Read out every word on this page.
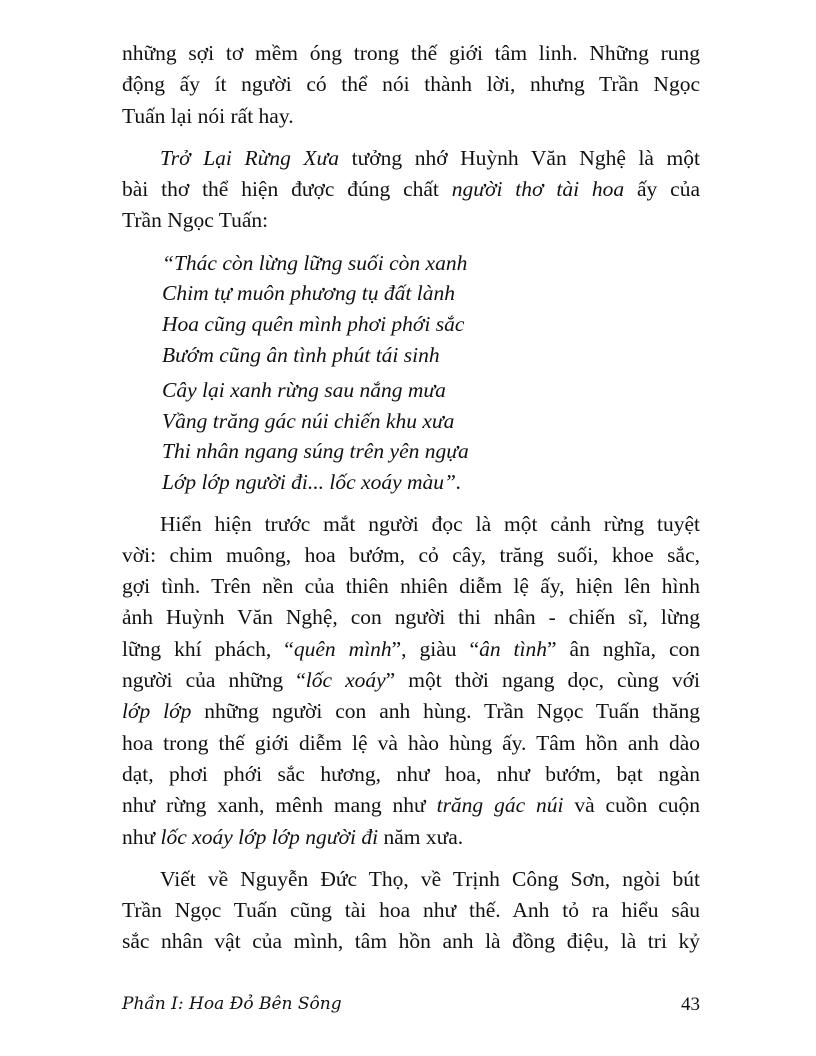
những sợi tơ mềm óng trong thế giới tâm linh. Những rung
động ấy ít người có thể nói thành lời, nhưng Trần Ngọc
Tuấn lại nói rất hay.
Trở Lại Rừng Xưa tưởng nhớ Huỳnh Văn Nghệ là một
bài thơ thể hiện được đúng chất người thơ tài hoa ấy của
Trần Ngọc Tuấn:
“Thác còn lừng lững suối còn xanh
Chim tự muôn phương tụ đất lành
Hoa cũng quên mình phơi phới sắc
Bướm cũng ân tình phút tái sinh
Cây lại xanh rừng sau nắng mưa
Vầng trăng gác núi chiến khu xưa
Thi nhân ngang súng trên yên ngựa
Lớp lớp người đi... lốc xoáy màu”.
Hiển hiện trước mắt người đọc là một cảnh rừng tuyệt
vời: chim muông, hoa bướm, cỏ cây, trăng suối, khoe sắc,
gợi tình. Trên nền của thiên nhiên diễm lệ ấy, hiện lên hình
ảnh Huỳnh Văn Nghệ, con người thi nhân - chiến sĩ, lừng
lững khí phách, “quên mình”, giàu “ân tình” ân nghĩa, con
người của những “lốc xoáy” một thời ngang dọc, cùng với
lớp lớp những người con anh hùng. Trần Ngọc Tuấn thăng
hoa trong thế giới diễm lệ và hào hùng ấy. Tâm hồn anh dào
dạt, phơi phới sắc hương, như hoa, như bướm, bạt ngàn
như rừng xanh, mênh mang như trăng gác núi và cuồn cuộn
như lốc xoáy lớp lớp người đi năm xưa.
Viết về Nguyễn Đức Thọ, về Trịnh Công Sơn, ngòi bút
Trần Ngọc Tuấn cũng tài hoa như thế. Anh tỏ ra hiểu sâu
sắc nhân vật của mình, tâm hồn anh là đồng điệu, là tri kỷ
Phần I: Hoa Đỏ Bên Sông	43
